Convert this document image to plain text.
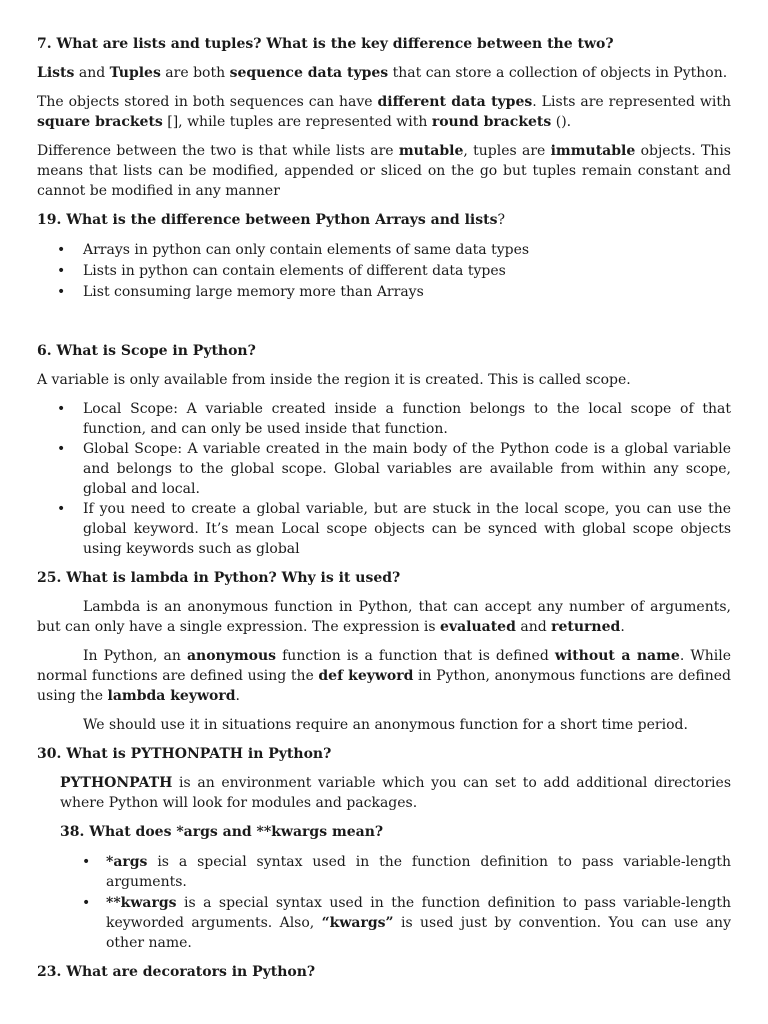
7. What are lists and tuples? What is the key difference between the two?

Lists and Tuples are both sequence data types that can store a collection of objects in Python.

The objects stored in both sequences can have different data types. Lists are represented with square brackets [], while tuples are represented with round brackets ().

Difference between the two is that while lists are mutable, tuples are immutable objects. This means that lists can be modified, appended or sliced on the go but tuples remain constant and cannot be modified in any manner

19. What is the difference between Python Arrays and lists?

• Arrays in python can only contain elements of same data types
• Lists in python can contain elements of different data types
• List consuming large memory more than Arrays

6. What is Scope in Python?

A variable is only available from inside the region it is created. This is called scope.

• Local Scope: A variable created inside a function belongs to the local scope of that function, and can only be used inside that function.
• Global Scope: A variable created in the main body of the Python code is a global variable and belongs to the global scope. Global variables are available from within any scope, global and local.
• If you need to create a global variable, but are stuck in the local scope, you can use the global keyword. It’s mean Local scope objects can be synced with global scope objects using keywords such as global

25. What is lambda in Python? Why is it used?

Lambda is an anonymous function in Python, that can accept any number of arguments, but can only have a single expression. The expression is evaluated and returned.

In Python, an anonymous function is a function that is defined without a name. While normal functions are defined using the def keyword in Python, anonymous functions are defined using the lambda keyword.

We should use it in situations require an anonymous function for a short time period.

30. What is PYTHONPATH in Python?

PYTHONPATH is an environment variable which you can set to add additional directories where Python will look for modules and packages.

38. What does *args and **kwargs mean?

• *args is a special syntax used in the function definition to pass variable-length arguments.
• **kwargs is a special syntax used in the function definition to pass variable-length keyworded arguments. Also, “kwargs” is used just by convention. You can use any other name.

23. What are decorators in Python?
